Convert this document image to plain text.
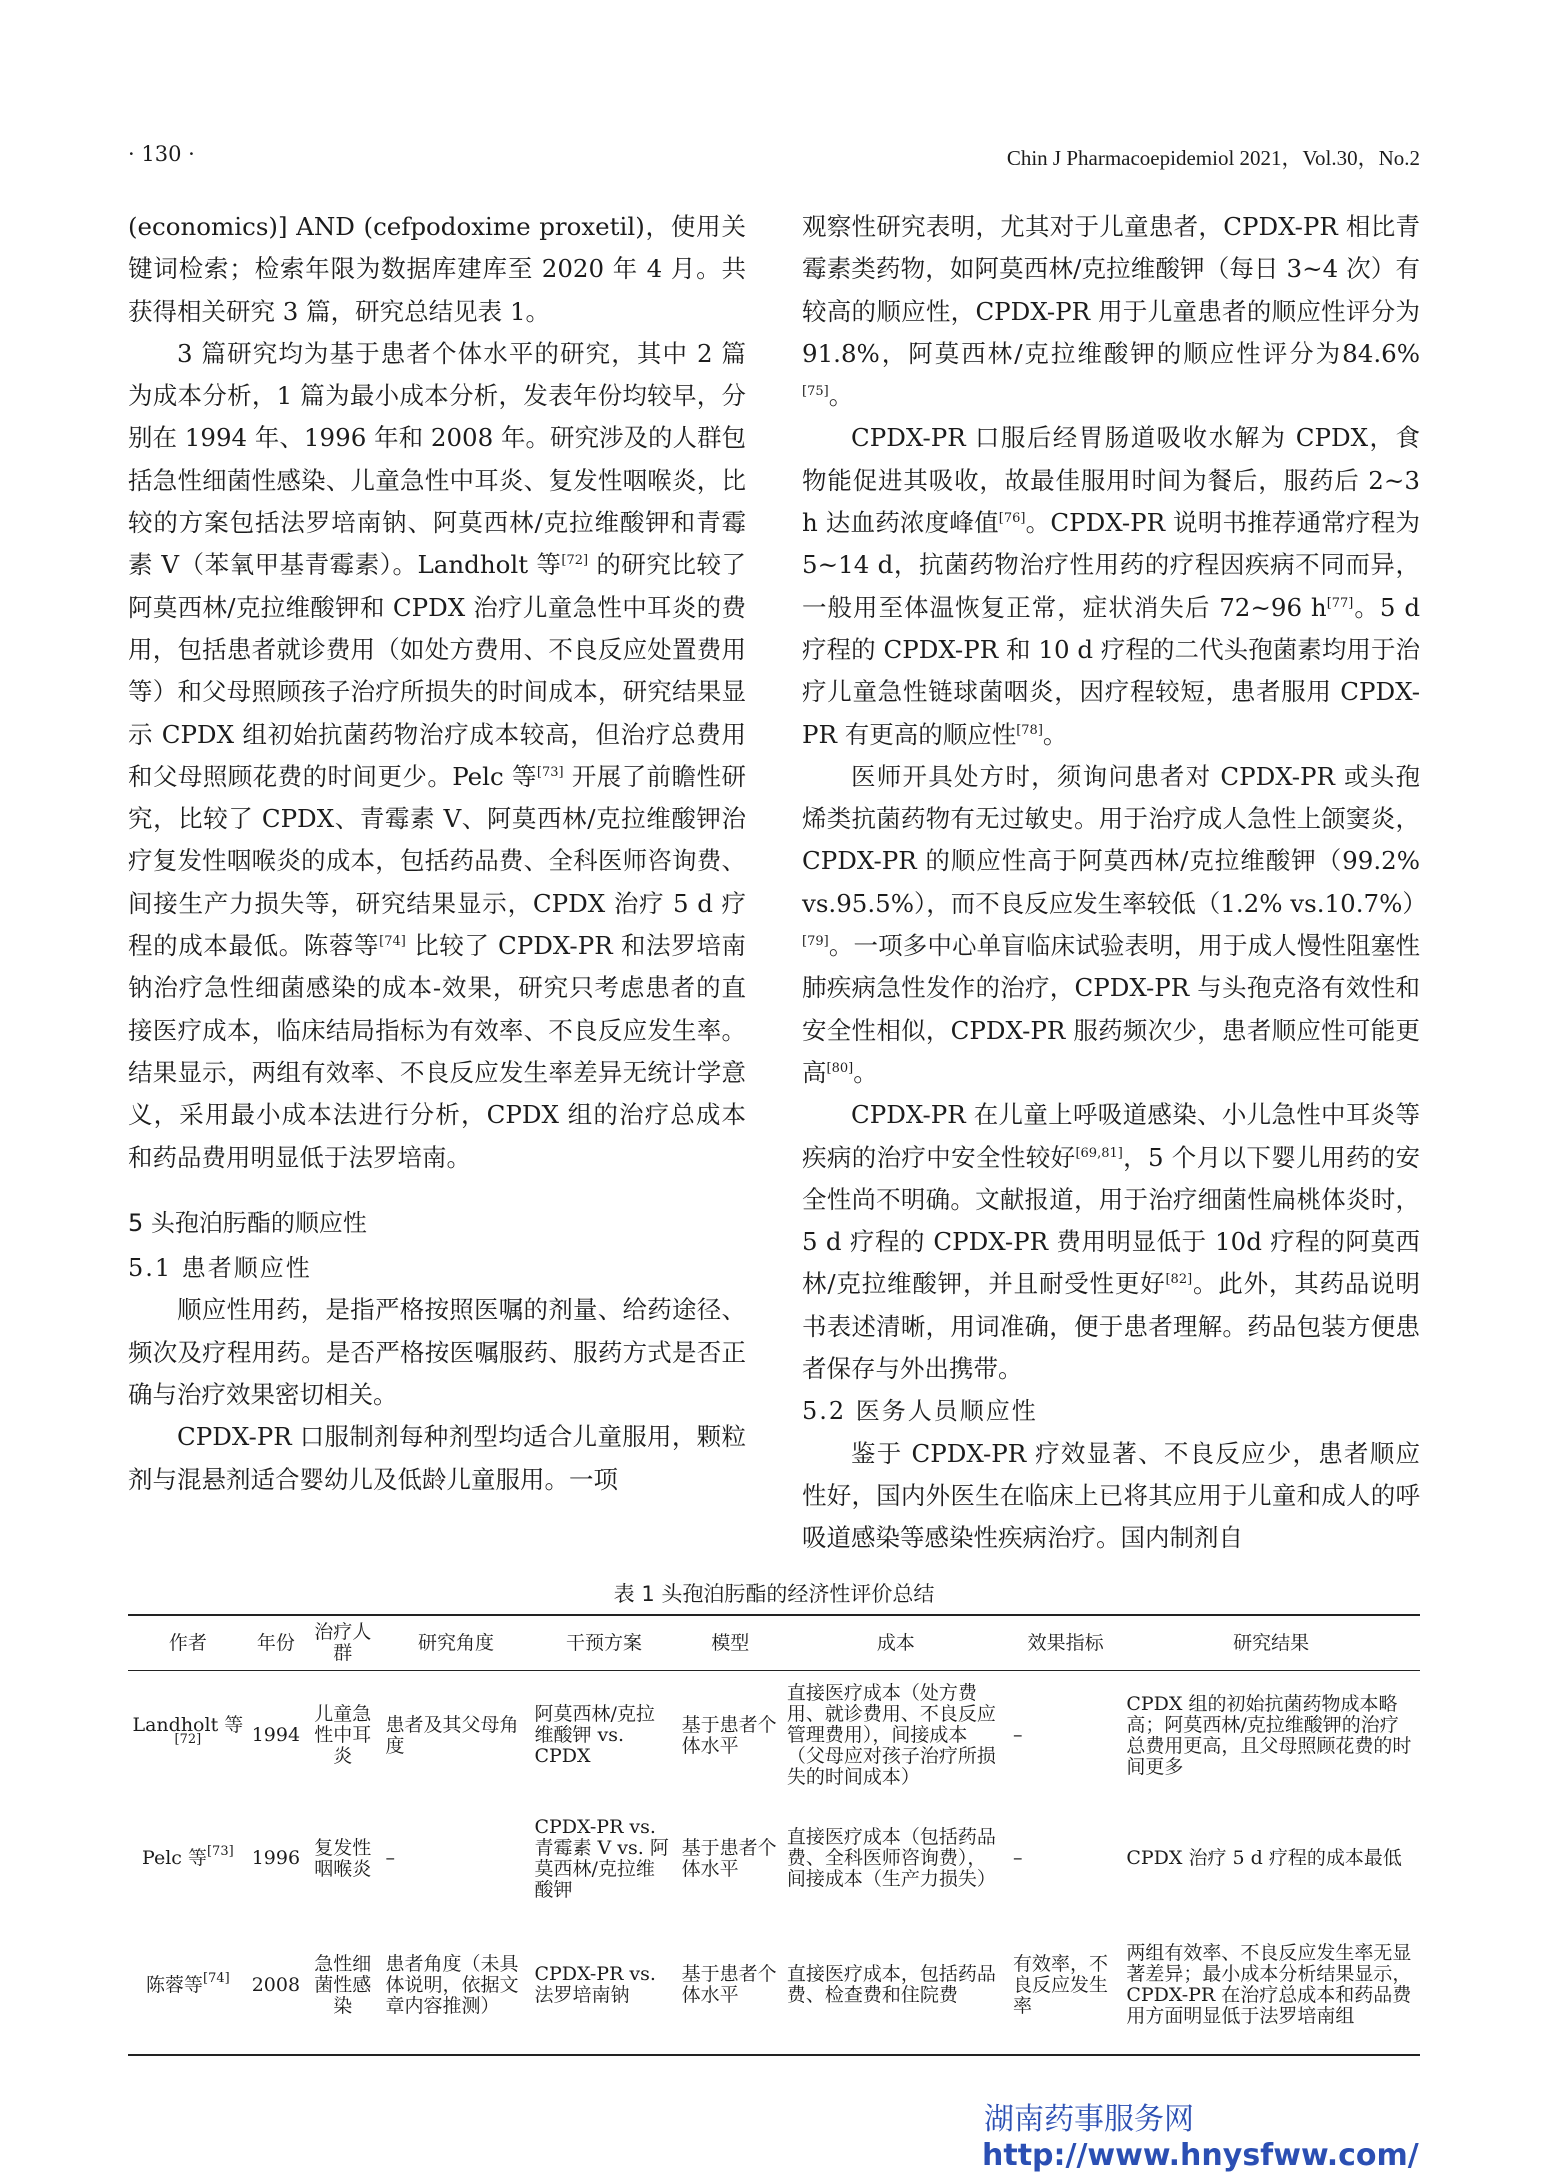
· 130 ·	Chin J Pharmacoepidemiol 2021，Vol.30，No.2

(economics)] AND (cefpodoxime proxetil)，使用关键词检索；检索年限为数据库建库至 2020 年 4 月。共获得相关研究 3 篇，研究总结见表 1。

3 篇研究均为基于患者个体水平的研究，其中 2 篇为成本分析，1 篇为最小成本分析，发表年份均较早，分别在 1994 年、1996 年和 2008 年。研究涉及的人群包括急性细菌性感染、儿童急性中耳炎、复发性咽喉炎，比较的方案包括法罗培南钠、阿莫西林/克拉维酸钾和青霉素 V（苯氧甲基青霉素）。Landholt 等[72] 的研究比较了阿莫西林/克拉维酸钾和 CPDX 治疗儿童急性中耳炎的费用，包括患者就诊费用（如处方费用、不良反应处置费用等）和父母照顾孩子治疗所损失的时间成本，研究结果显示 CPDX 组初始抗菌药物治疗成本较高，但治疗总费用和父母照顾花费的时间更少。Pelc 等[73] 开展了前瞻性研究，比较了 CPDX、青霉素 V、阿莫西林/克拉维酸钾治疗复发性咽喉炎的成本，包括药品费、全科医师咨询费、间接生产力损失等，研究结果显示，CPDX 治疗 5 d 疗程的成本最低。陈蓉等[74] 比较了 CPDX-PR 和法罗培南钠治疗急性细菌感染的成本-效果，研究只考虑患者的直接医疗成本，临床结局指标为有效率、不良反应发生率。结果显示，两组有效率、不良反应发生率差异无统计学意义，采用最小成本法进行分析，CPDX 组的治疗总成本和药品费用明显低于法罗培南。

5 头孢泊肟酯的顺应性
5.1 患者顺应性

顺应性用药，是指严格按照医嘱的剂量、给药途径、频次及疗程用药。是否严格按医嘱服药、服药方式是否正确与治疗效果密切相关。

CPDX-PR 口服制剂每种剂型均适合儿童服用，颗粒剂与混悬剂适合婴幼儿及低龄儿童服用。一项

观察性研究表明，尤其对于儿童患者，CPDX-PR 相比青霉素类药物，如阿莫西林/克拉维酸钾（每日 3~4 次）有较高的顺应性，CPDX-PR 用于儿童患者的顺应性评分为91.8%，阿莫西林/克拉维酸钾的顺应性评分为84.6%[75]。

CPDX-PR 口服后经胃肠道吸收水解为 CPDX，食物能促进其吸收，故最佳服用时间为餐后，服药后 2~3 h 达血药浓度峰值[76]。CPDX-PR 说明书推荐通常疗程为 5~14 d，抗菌药物治疗性用药的疗程因疾病不同而异，一般用至体温恢复正常，症状消失后 72~96 h[77]。5 d 疗程的 CPDX-PR 和 10 d 疗程的二代头孢菌素均用于治疗儿童急性链球菌咽炎，因疗程较短，患者服用 CPDX-PR 有更高的顺应性[78]。

医师开具处方时，须询问患者对 CPDX-PR 或头孢烯类抗菌药物有无过敏史。用于治疗成人急性上颌窦炎，CPDX-PR 的顺应性高于阿莫西林/克拉维酸钾（99.2% vs.95.5%），而不良反应发生率较低（1.2% vs.10.7%）[79]。一项多中心单盲临床试验表明，用于成人慢性阻塞性肺疾病急性发作的治疗，CPDX-PR 与头孢克洛有效性和安全性相似，CPDX-PR 服药频次少，患者顺应性可能更高[80]。

CPDX-PR 在儿童上呼吸道感染、小儿急性中耳炎等疾病的治疗中安全性较好[69,81]，5 个月以下婴儿用药的安全性尚不明确。文献报道，用于治疗细菌性扁桃体炎时，5 d 疗程的 CPDX-PR 费用明显低于 10d 疗程的阿莫西林/克拉维酸钾，并且耐受性更好[82]。此外，其药品说明书表述清晰，用词准确，便于患者理解。药品包装方便患者保存与外出携带。

5.2 医务人员顺应性

鉴于 CPDX-PR 疗效显著、不良反应少，患者顺应性好，国内外医生在临床上已将其应用于儿童和成人的呼吸道感染等感染性疾病治疗。国内制剂自

表 1 头孢泊肟酯的经济性评价总结
作者	年份	治疗人群	研究角度	干预方案	模型	成本	效果指标	研究结果
Landholt 等[72]	1994	儿童急性中耳炎	患者及其父母角度	阿莫西林/克拉维酸钾 vs. CPDX	基于患者个体水平	直接医疗成本（处方费用、就诊费用、不良反应管理费用），间接成本（父母应对孩子治疗所损失的时间成本）	–	CPDX 组的初始抗菌药物成本略高；阿莫西林/克拉维酸钾的治疗总费用更高，且父母照顾花费的时间更多
Pelc 等[73]	1996	复发性咽喉炎	–	CPDX-PR vs. 青霉素 V vs. 阿莫西林/克拉维酸钾	基于患者个体水平	直接医疗成本（包括药品费、全科医师咨询费），间接成本（生产力损失）	–	CPDX 治疗 5 d 疗程的成本最低
陈蓉等[74]	2008	急性细菌性感染	患者角度（未具体说明，依据文章内容推测）	CPDX-PR vs. 法罗培南钠	基于患者个体水平	直接医疗成本，包括药品费、检查费和住院费	有效率，不良反应发生率	两组有效率、不良反应发生率无显著差异；最小成本分析结果显示，CPDX-PR 在治疗总成本和药品费用方面明显低于法罗培南组
湖南药事服务网
http://www.hnysfww.com/
